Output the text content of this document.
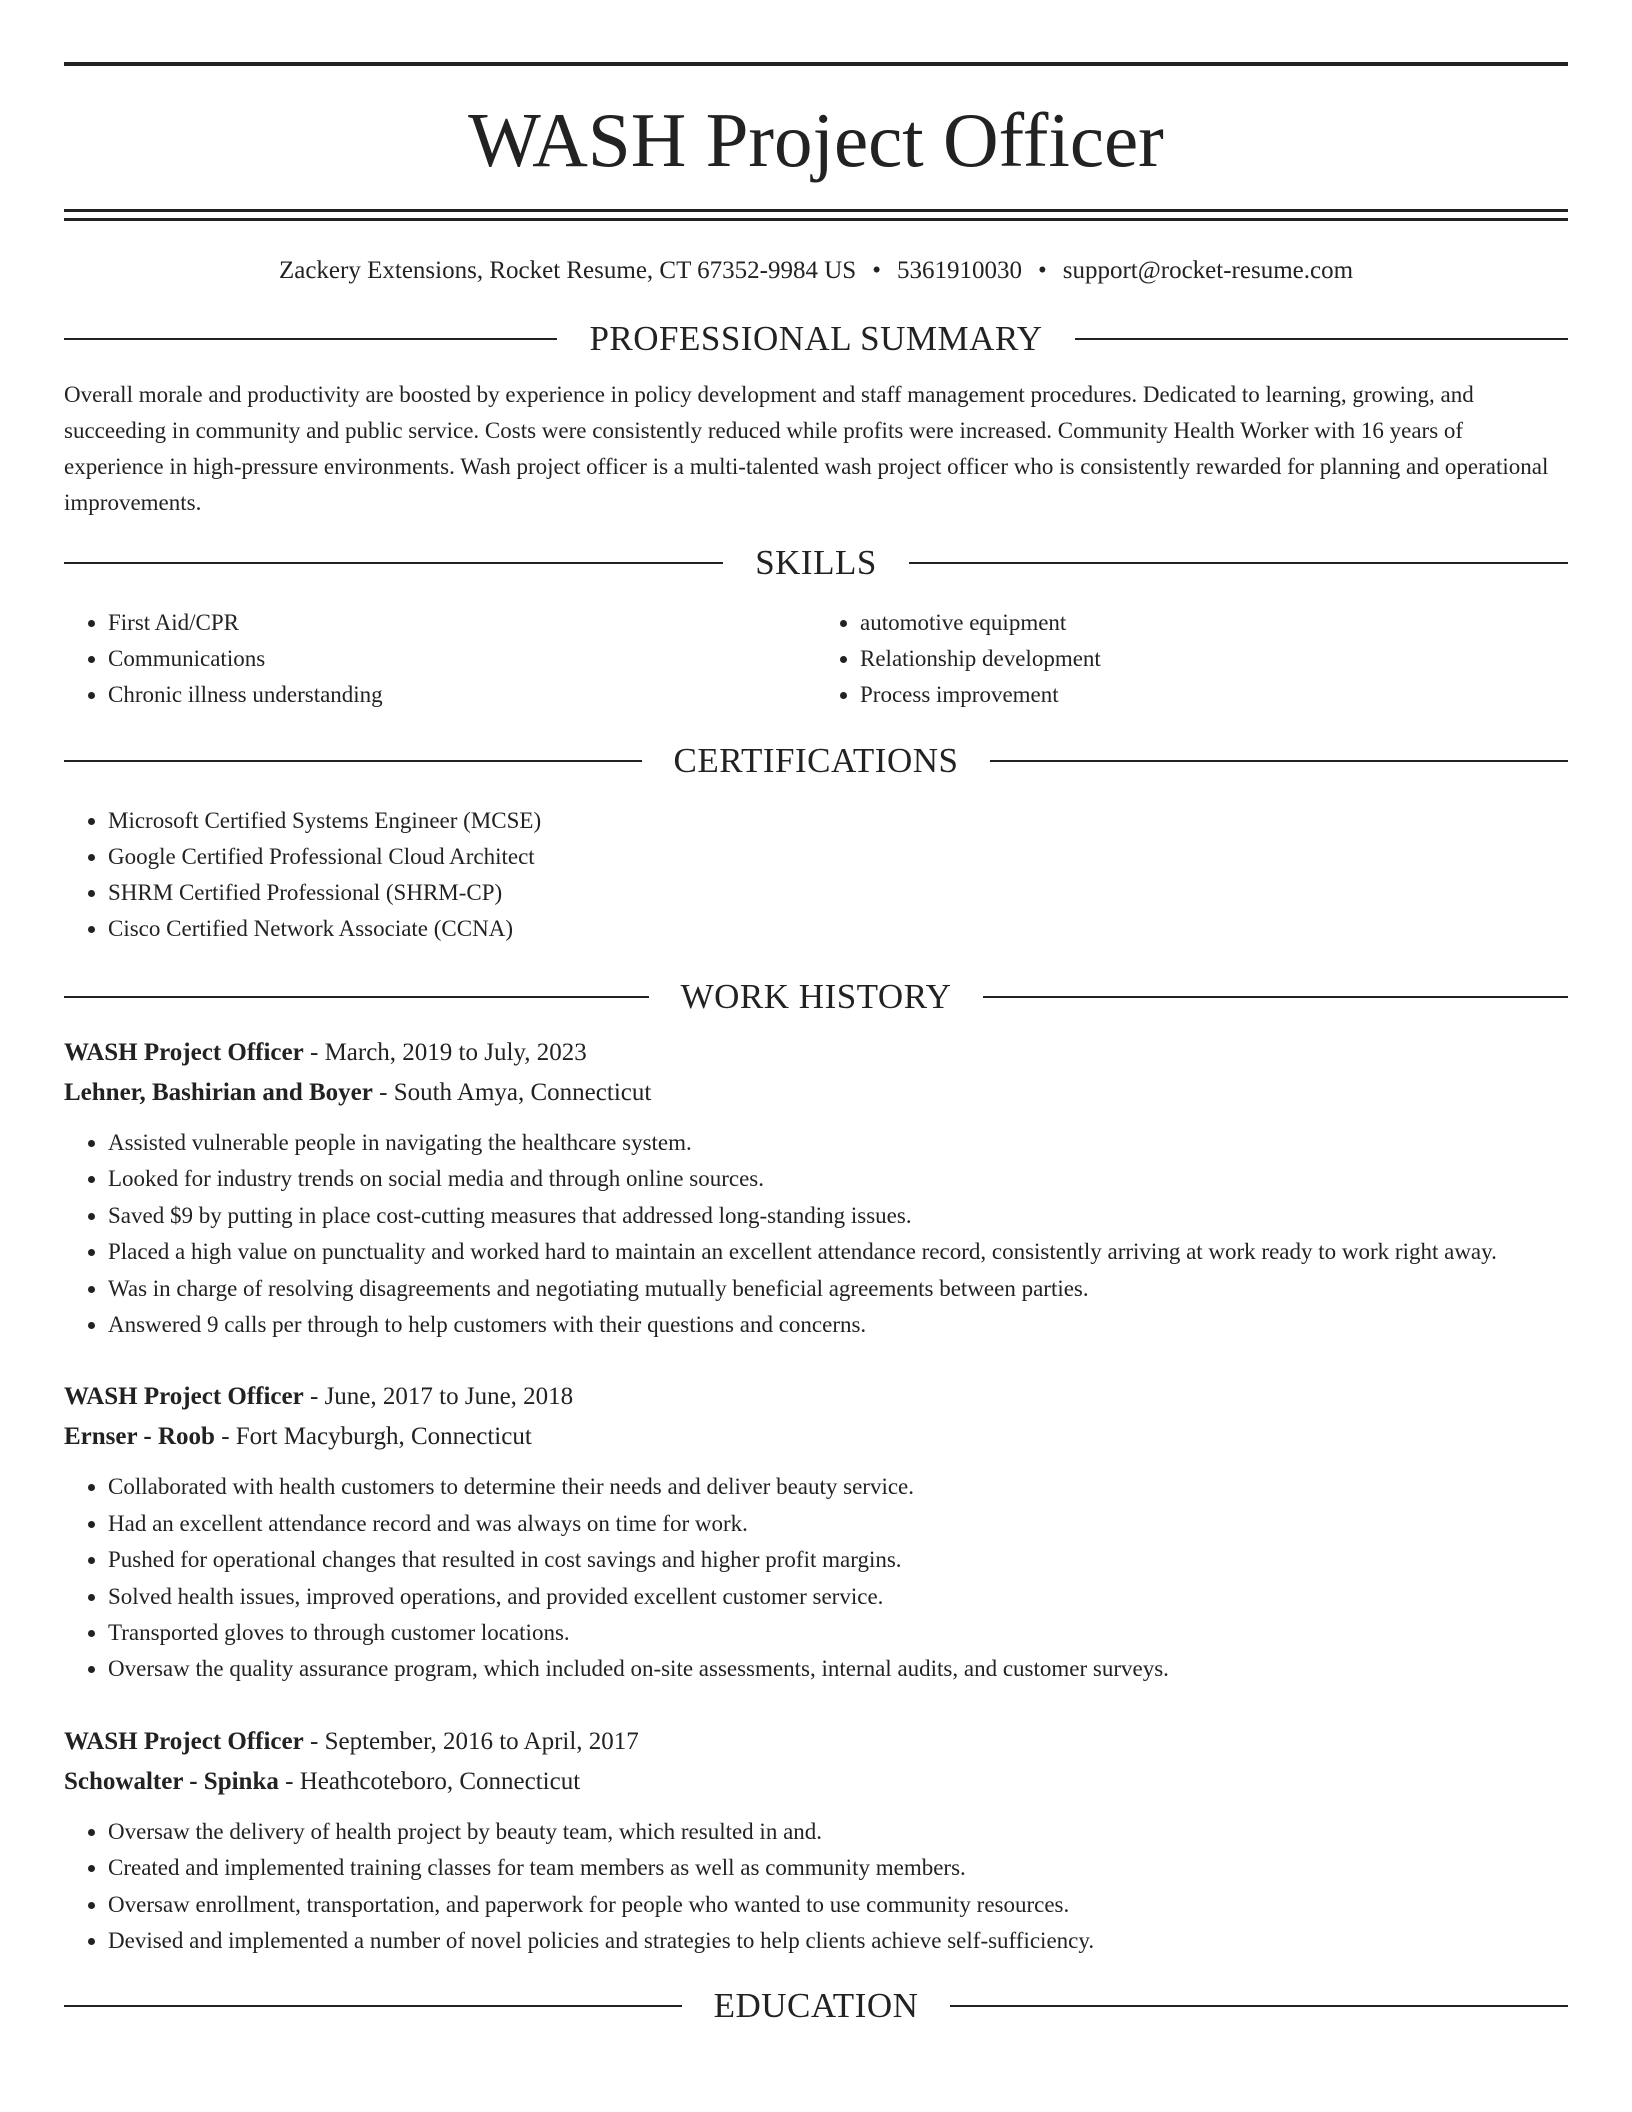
WASH Project Officer
Zackery Extensions, Rocket Resume, CT 67352-9984 US • 5361910030 • support@rocket-resume.com
PROFESSIONAL SUMMARY
Overall morale and productivity are boosted by experience in policy development and staff management procedures. Dedicated to learning, growing, and succeeding in community and public service. Costs were consistently reduced while profits were increased. Community Health Worker with 16 years of experience in high-pressure environments. Wash project officer is a multi-talented wash project officer who is consistently rewarded for planning and operational improvements.
SKILLS
• First Aid/CPR
• Communications
• Chronic illness understanding
• automotive equipment
• Relationship development
• Process improvement
CERTIFICATIONS
• Microsoft Certified Systems Engineer (MCSE)
• Google Certified Professional Cloud Architect
• SHRM Certified Professional (SHRM-CP)
• Cisco Certified Network Associate (CCNA)
WORK HISTORY
WASH Project Officer - March, 2019 to July, 2023
Lehner, Bashirian and Boyer - South Amya, Connecticut
• Assisted vulnerable people in navigating the healthcare system.
• Looked for industry trends on social media and through online sources.
• Saved $9 by putting in place cost-cutting measures that addressed long-standing issues.
• Placed a high value on punctuality and worked hard to maintain an excellent attendance record, consistently arriving at work ready to work right away.
• Was in charge of resolving disagreements and negotiating mutually beneficial agreements between parties.
• Answered 9 calls per through to help customers with their questions and concerns.
WASH Project Officer - June, 2017 to June, 2018
Ernser - Roob - Fort Macyburgh, Connecticut
• Collaborated with health customers to determine their needs and deliver beauty service.
• Had an excellent attendance record and was always on time for work.
• Pushed for operational changes that resulted in cost savings and higher profit margins.
• Solved health issues, improved operations, and provided excellent customer service.
• Transported gloves to through customer locations.
• Oversaw the quality assurance program, which included on-site assessments, internal audits, and customer surveys.
WASH Project Officer - September, 2016 to April, 2017
Schowalter - Spinka - Heathcoteboro, Connecticut
• Oversaw the delivery of health project by beauty team, which resulted in and.
• Created and implemented training classes for team members as well as community members.
• Oversaw enrollment, transportation, and paperwork for people who wanted to use community resources.
• Devised and implemented a number of novel policies and strategies to help clients achieve self-sufficiency.
EDUCATION
